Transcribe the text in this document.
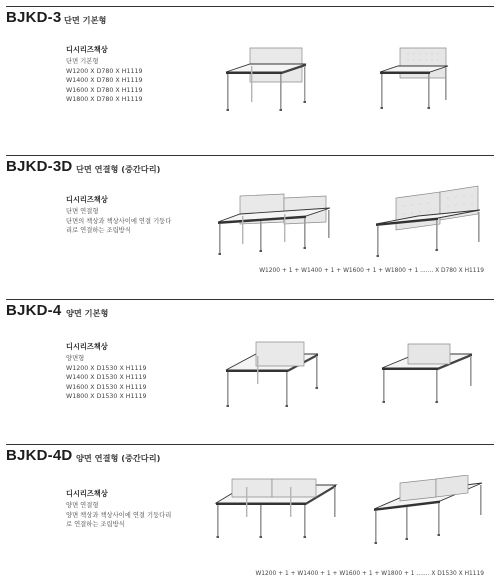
BJKD-3 단면 기본형
디시리즈책상
단면 기본형
W1200 X D780 X H1119
W1400 X D780 X H1119
W1600 X D780 X H1119
W1800 X D780 X H1119
BJKD-3D 단면 연결형 (중간다리)
디시리즈책상
단면 연결형
단면의 책상과 책상사이에 연결 기둥다
리로 연결하는 조립방식
W1200 + 1 + W1400 + 1 + W1600 + 1 + W1800 + 1 ....... X D780 X H1119
BJKD-4 양면 기본형
디시리즈책상
양면형
W1200 X D1530 X H1119
W1400 X D1530 X H1119
W1600 X D1530 X H1119
W1800 X D1530 X H1119
BJKD-4D 양면 연결형 (중간다리)
디시리즈책상
양면 연결형
양면 책상과 책상사이에 연결 기둥다리
로 연결하는 조립방식
W1200 + 1 + W1400 + 1 + W1600 + 1 + W1800 + 1 ....... X D1530 X H1119
